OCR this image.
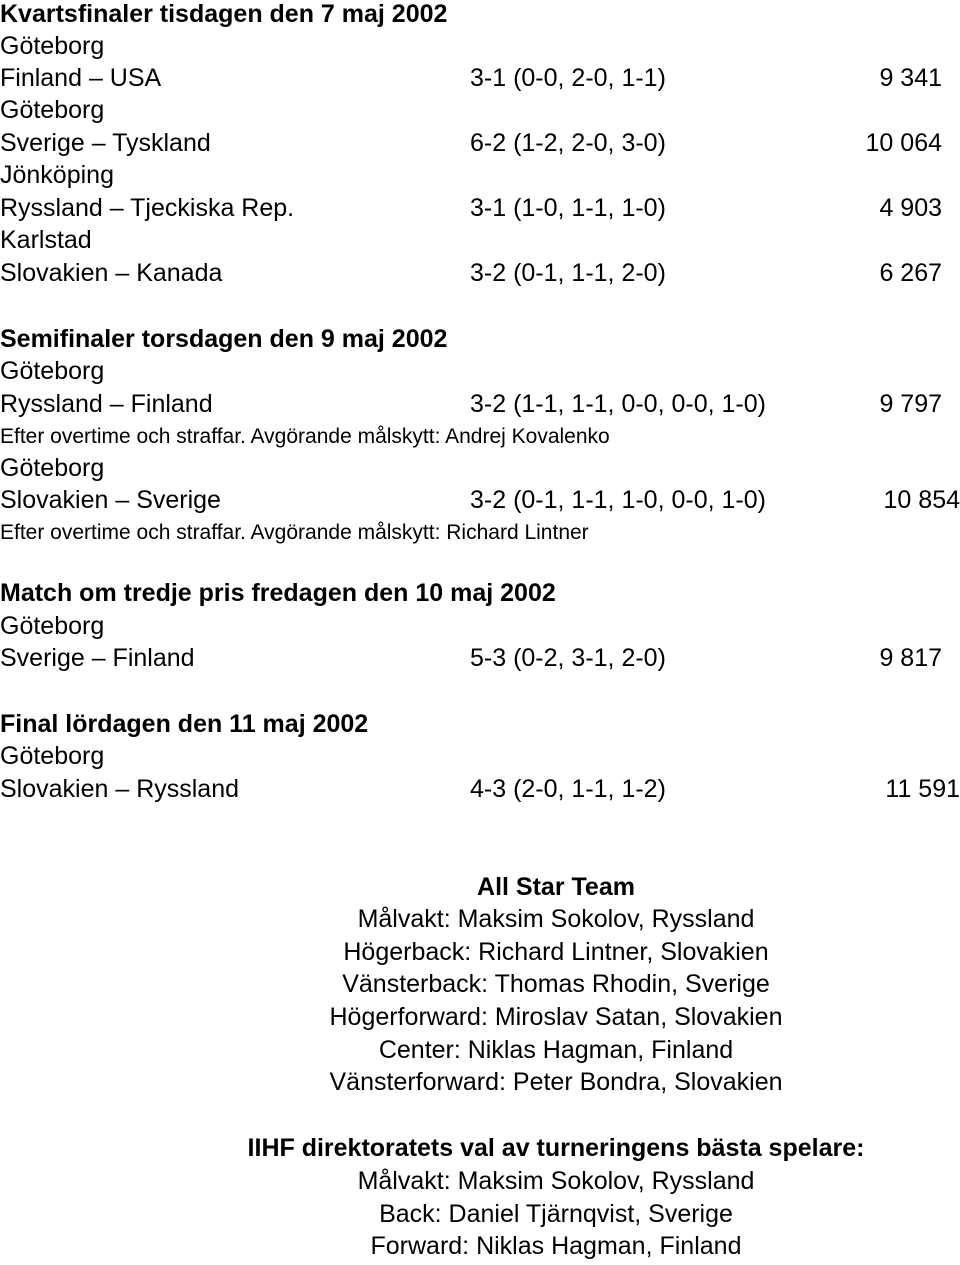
Kvartsfinaler tisdagen den 7 maj 2002
Göteborg
Finland – USA	3-1 (0-0, 2-0, 1-1)	9 341
Göteborg
Sverige – Tyskland	6-2 (1-2, 2-0, 3-0)	10 064
Jönköping
Ryssland – Tjeckiska Rep.	3-1 (1-0, 1-1, 1-0)	4 903
Karlstad
Slovakien – Kanada	3-2 (0-1, 1-1, 2-0)	6 267
Semifinaler torsdagen den 9 maj 2002
Göteborg
Ryssland – Finland	3-2 (1-1, 1-1, 0-0, 0-0, 1-0)	9 797
Efter overtime och straffar. Avgörande målskytt: Andrej Kovalenko
Göteborg
Slovakien – Sverige	3-2 (0-1, 1-1, 1-0, 0-0, 1-0)	10 854
Efter overtime och straffar. Avgörande målskytt: Richard Lintner
Match om tredje pris fredagen den 10 maj 2002
Göteborg
Sverige – Finland	5-3 (0-2, 3-1, 2-0)	9 817
Final lördagen den 11 maj 2002
Göteborg
Slovakien – Ryssland	4-3 (2-0, 1-1, 1-2)	11 591
All Star Team
Målvakt: Maksim Sokolov, Ryssland
Högerback: Richard Lintner, Slovakien
Vänsterback: Thomas Rhodin, Sverige
Högerforward: Miroslav Satan, Slovakien
Center: Niklas Hagman, Finland
Vänsterforward: Peter Bondra, Slovakien
IIHF direktoratets val av turneringens bästa spelare:
Målvakt: Maksim Sokolov, Ryssland
Back: Daniel Tjärnqvist, Sverige
Forward: Niklas Hagman, Finland
